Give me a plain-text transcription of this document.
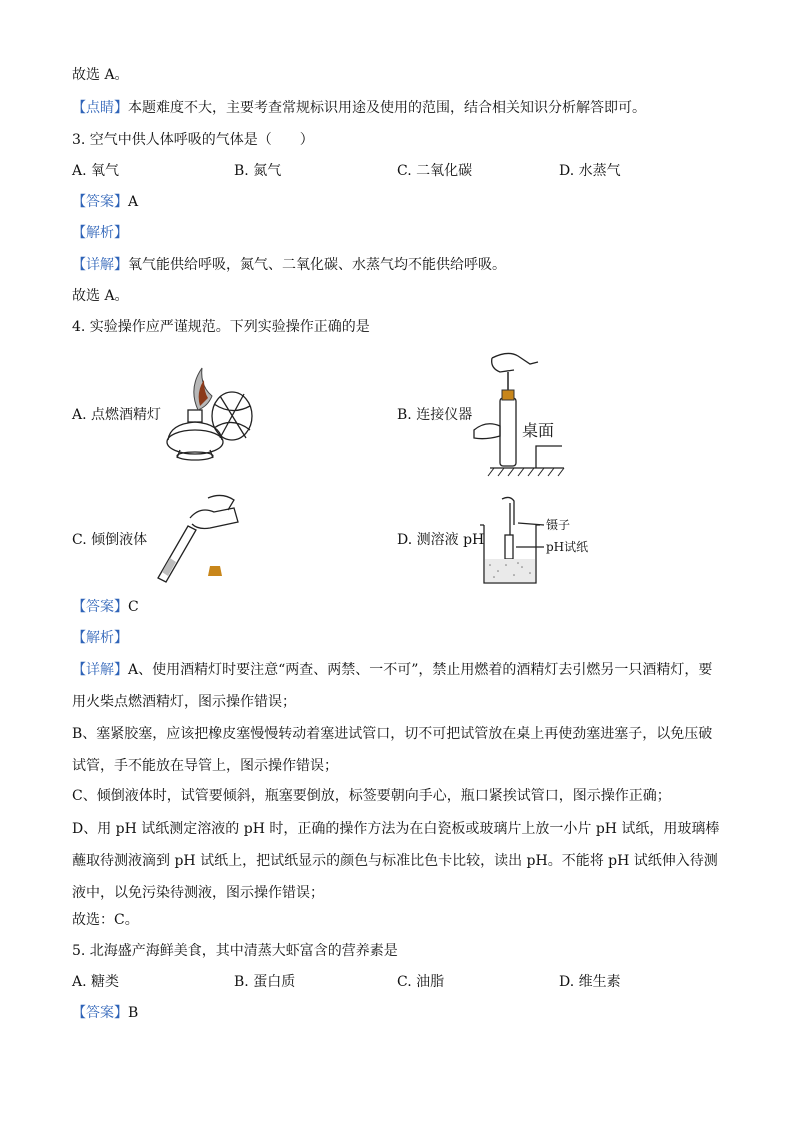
故选 A。
【点睛】本题难度不大，主要考查常规标识用途及使用的范围，结合相关知识分析解答即可。
3. 空气中供人体呼吸的气体是（　　）
A. 氧气	B. 氮气	C. 二氧化碳	D. 水蒸气
【答案】A
【解析】
【详解】氧气能供给呼吸，氮气、二氧化碳、水蒸气均不能供给呼吸。
故选 A。
4. 实验操作应严谨规范。下列实验操作正确的是
A. 点燃酒精灯
桌面
B. 连接仪器
C. 倾倒液体
镊子
pH试纸
D. 测溶液 pH
【答案】C
【解析】
【详解】A、使用酒精灯时要注意“两查、两禁、一不可”，禁止用燃着的酒精灯去引燃另一只酒精灯，要用火柴点燃酒精灯，图示操作错误；
B、塞紧胶塞，应该把橡皮塞慢慢转动着塞进试管口，切不可把试管放在桌上再使劲塞进塞子，以免压破试管，手不能放在导管上，图示操作错误；
C、倾倒液体时，试管要倾斜，瓶塞要倒放，标签要朝向手心，瓶口紧挨试管口，图示操作正确；
D、用 pH 试纸测定溶液的 pH 时，正确的操作方法为在白瓷板或玻璃片上放一小片 pH 试纸，用玻璃棒蘸取待测液滴到 pH 试纸上，把试纸显示的颜色与标准比色卡比较，读出 pH。不能将 pH 试纸伸入待测液中，以免污染待测液，图示操作错误；
故选：C。
5. 北海盛产海鲜美食，其中清蒸大虾富含的营养素是
A. 糖类	B. 蛋白质	C. 油脂	D. 维生素
【答案】B
